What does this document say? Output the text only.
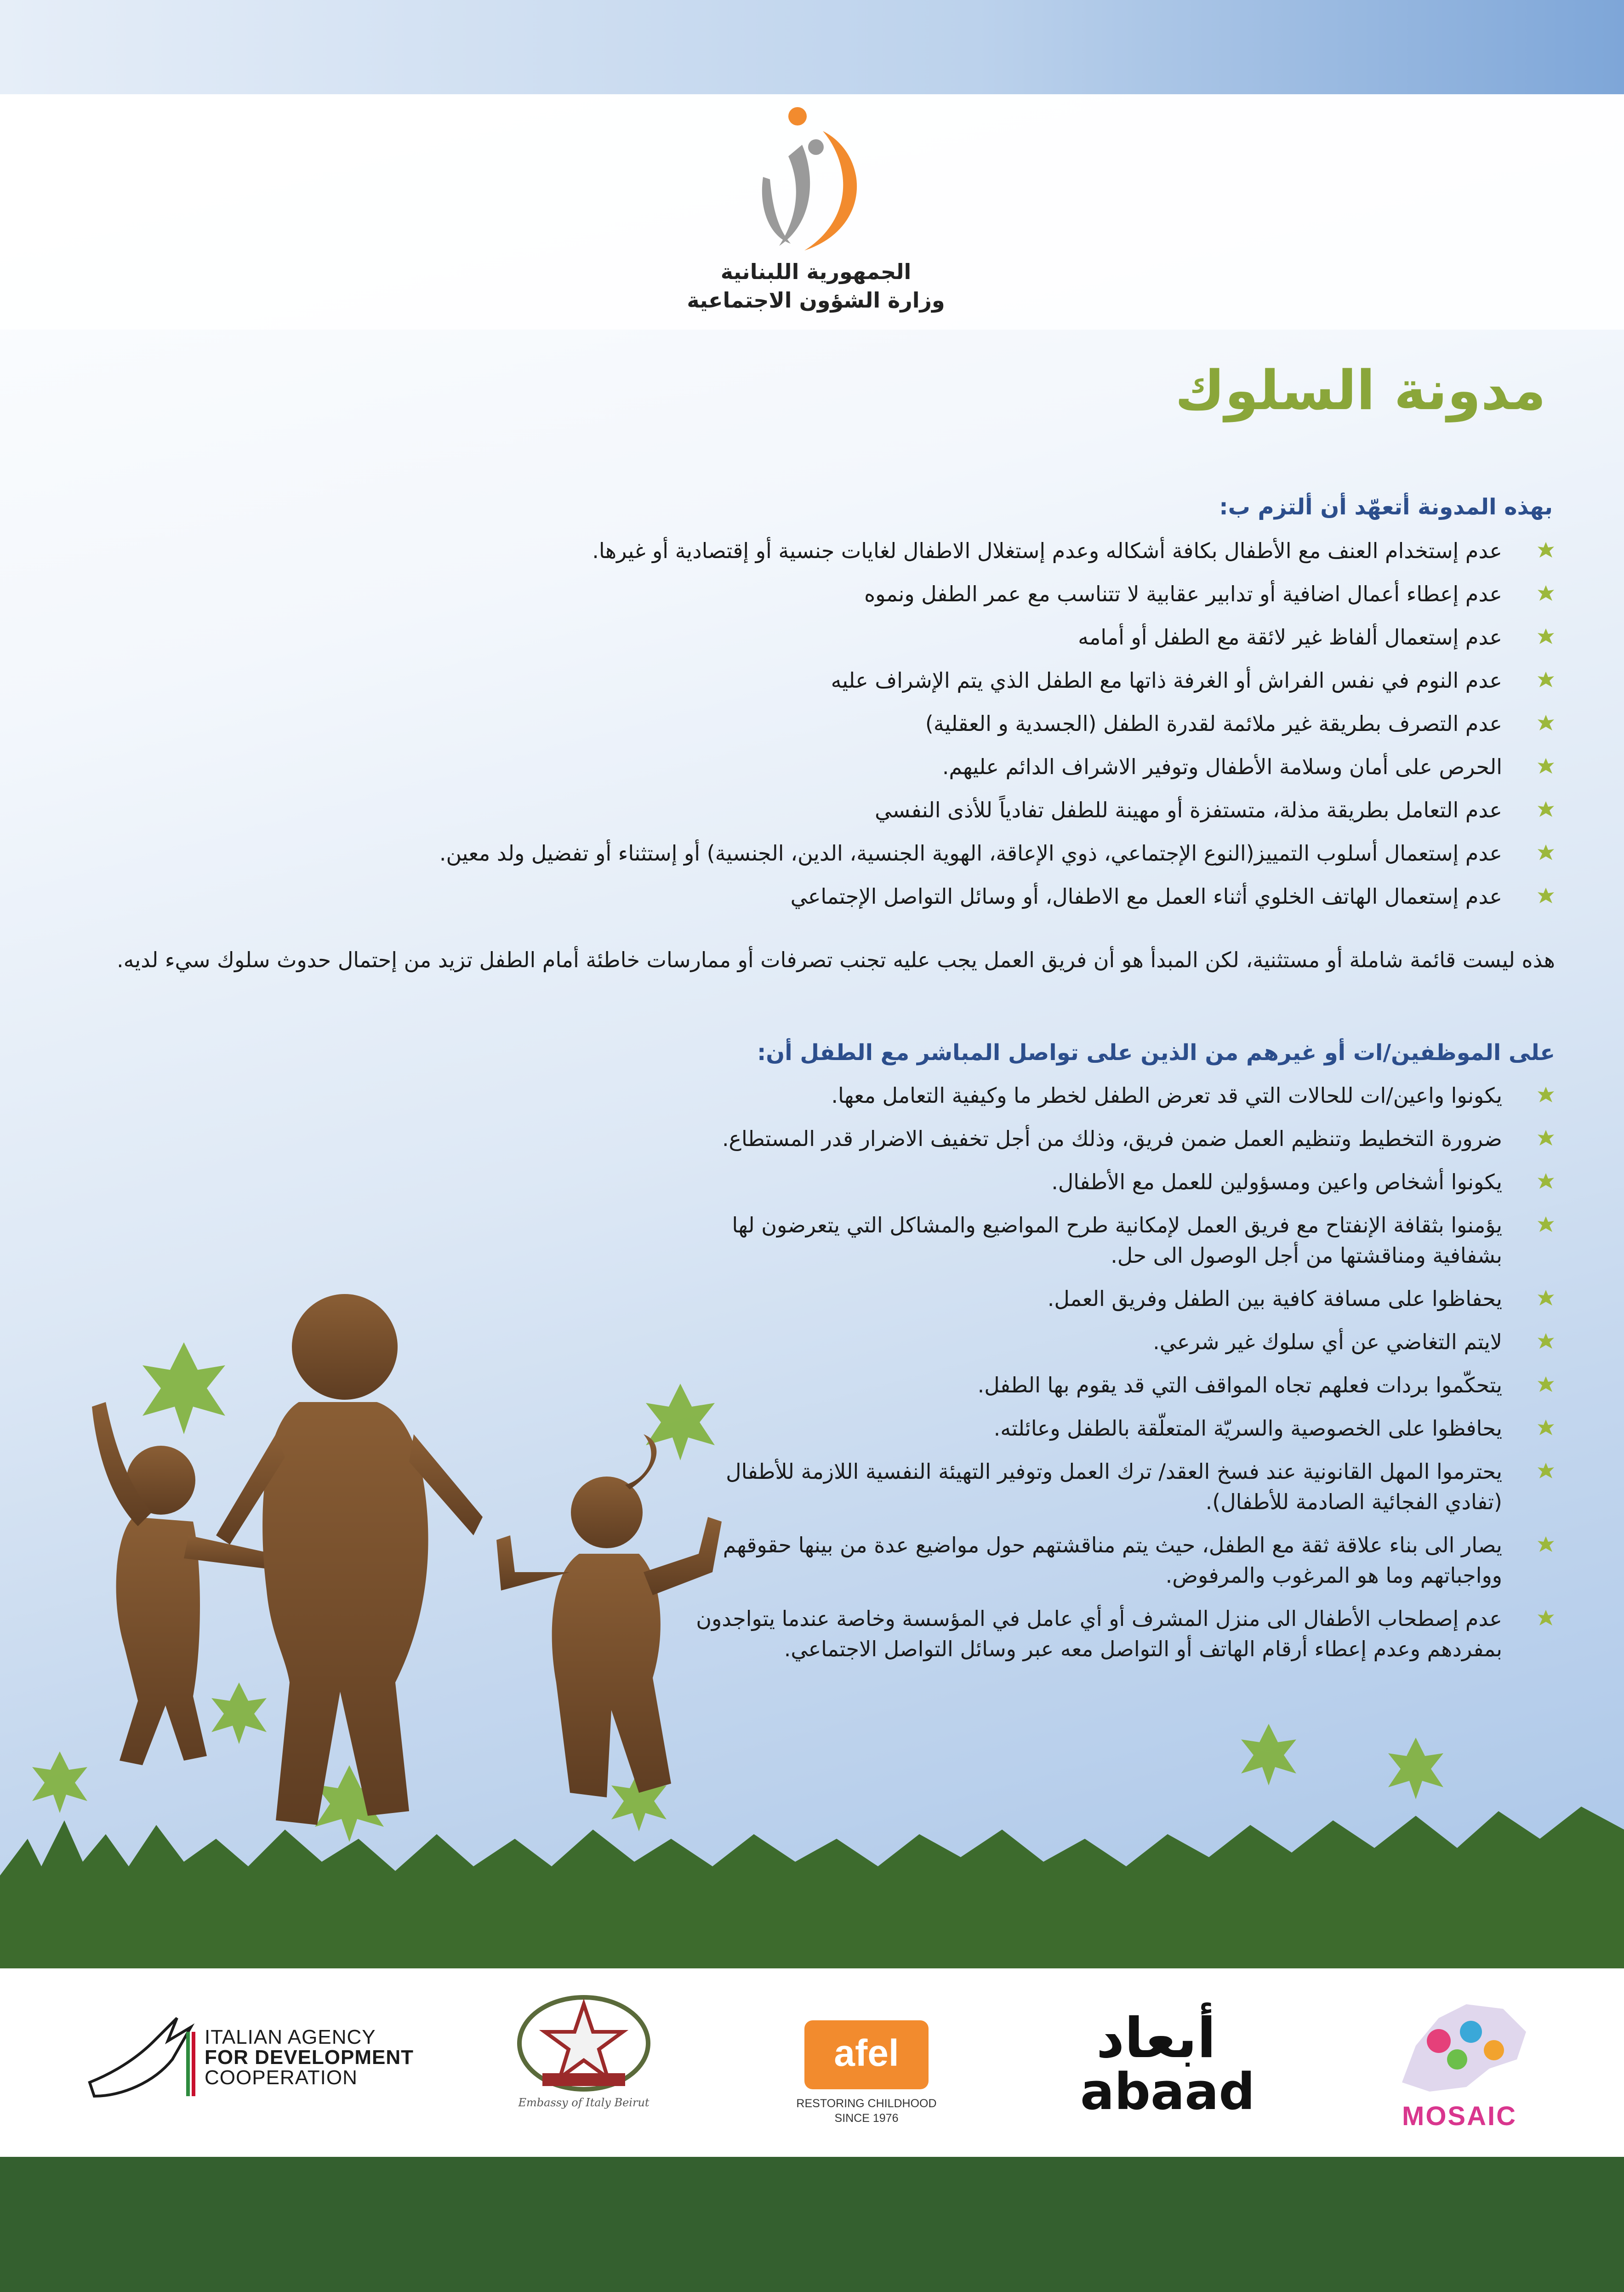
الجمهورية اللبنانية
وزارة الشؤون الاجتماعية
مدونة السلوك
بهذه المدونة أتعهّد أن ألتزم ب:
عدم إستخدام العنف مع الأطفال بكافة أشكاله وعدم إستغلال الاطفال لغايات جنسية أو إقتصادية أو غيرها.
عدم إعطاء أعمال اضافية أو تدابير عقابية لا تتناسب مع عمر الطفل ونموه
عدم إستعمال ألفاظ غير لائقة مع الطفل أو أمامه
عدم النوم في نفس الفراش أو الغرفة ذاتها مع الطفل الذي يتم الإشراف عليه
عدم التصرف بطريقة غير ملائمة لقدرة الطفل (الجسدية و العقلية)
الحرص على أمان وسلامة الأطفال وتوفير الاشراف الدائم عليهم.
عدم التعامل بطريقة مذلة، متستفزة أو مهينة للطفل تفادياً للأذى النفسي
عدم إستعمال أسلوب التمييز(النوع الإجتماعي، ذوي الإعاقة، الهوية الجنسية، الدين، الجنسية) أو إستثناء أو تفضيل ولد معين.
عدم إستعمال الهاتف الخلوي أثناء العمل مع الاطفال، أو وسائل التواصل الإجتماعي

هذه ليست قائمة شاملة أو مستثنية، لكن المبدأ هو أن فريق العمل يجب عليه تجنب تصرفات أو ممارسات خاطئة أمام الطفل تزيد من إحتمال حدوث سلوك سيء لديه.

على الموظفين/ات أو غيرهم من الذين على تواصل المباشر مع الطفل أن:
يكونوا واعين/ات للحالات التي قد تعرض الطفل لخطر ما وكيفية التعامل معها.
ضرورة التخطيط وتنظيم العمل ضمن فريق، وذلك من أجل تخفيف الاضرار قدر المستطاع.
يكونوا أشخاص واعين ومسؤولين للعمل مع الأطفال.
يؤمنوا بثقافة الإنفتاح مع فريق العمل لإمكانية طرح المواضيع والمشاكل التي يتعرضون لها بشفافية ومناقشتها من أجل الوصول الى حل.
يحفاظوا على مسافة كافية بين الطفل وفريق العمل.
لايتم التغاضي عن أي سلوك غير شرعي.
يتحكّموا بردات فعلهم تجاه المواقف التي قد يقوم بها الطفل.
يحافظوا على الخصوصية والسريّة المتعلّقة بالطفل وعائلته.
يحترموا المهل القانونية عند فسخ العقد/ ترك العمل وتوفير التهيئة النفسية اللازمة للأطفال (تفادي الفجائية الصادمة للأطفال).
يصار الى بناء علاقة ثقة مع الطفل، حيث يتم مناقشتهم حول مواضيع عدة من بينها حقوقهم وواجباتهم وما هو المرغوب والمرفوض.
عدم إصطحاب الأطفال الى منزل المشرف أو أي عامل في المؤسسة وخاصة عندما يتواجدون بمفردهم وعدم إعطاء أرقام الهاتف أو التواصل معه عبر وسائل التواصل الاجتماعي.
ITALIAN AGENCY
FOR DEVELOPMENT
COOPERATION
Embassy of Italy Beirut
afel
RESTORING CHILDHOOD
SINCE 1976
أبعاد
abaad	MOSAIC
